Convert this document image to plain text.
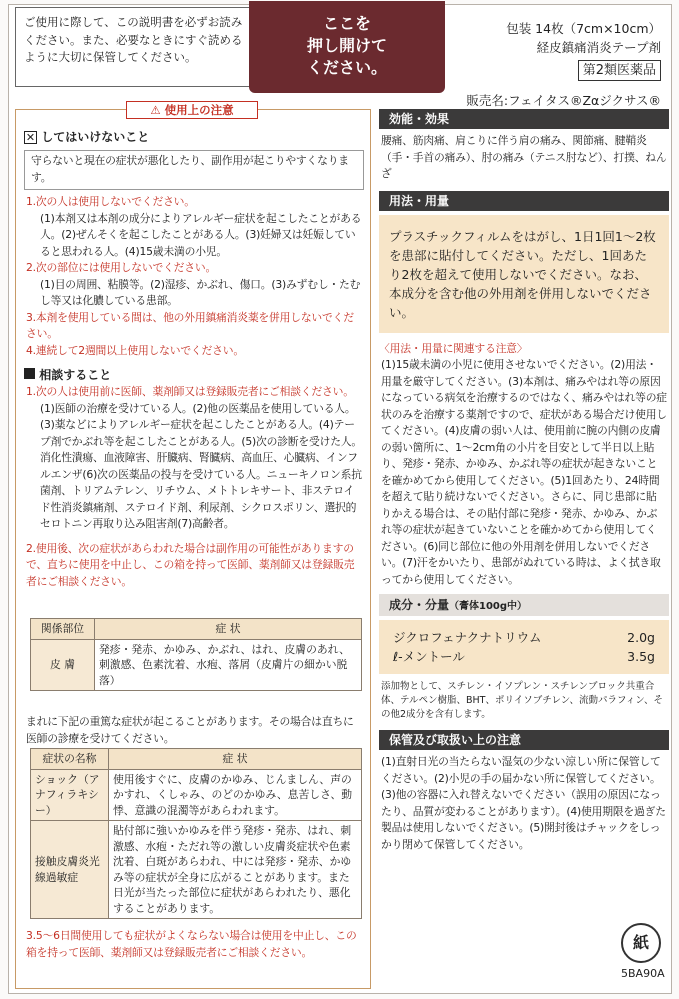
ご使用に際して、この説明書を必ずお読みください。また、必要なときにすぐ読めるように大切に保管してください。
ここを
押し開けて
ください。
包装 14枚（7cm×10cm）
経皮鎮痛消炎テープ剤
第2類医薬品
販売名:フェイタス®Zαジクサス®
⚠ 使用上の注意
✕ してはいけないこと
守らないと現在の症状が悪化したり、副作用が起こりやすくなります。
1.次の人は使用しないでください。
(1)本剤又は本剤の成分によりアレルギー症状を起こしたことがある人。(2)ぜんそくを起こしたことがある人。(3)妊婦又は妊娠していると思われる人。(4)15歳未満の小児。
2.次の部位には使用しないでください。
(1)目の周囲、粘膜等。(2)湿疹、かぶれ、傷口。(3)みずむし・たむし等又は化膿している患部。
3.本剤を使用している間は、他の外用鎮痛消炎薬を併用しないでください。
4.連続して2週間以上使用しないでください。
相談すること
1.次の人は使用前に医師、薬剤師又は登録販売者にご相談ください。
(1)医師の治療を受けている人。(2)他の医薬品を使用している人。(3)薬などによりアレルギー症状を起こしたことがある人。(4)テープ剤でかぶれ等を起こしたことがある人。(5)次の診断を受けた人。消化性潰瘍、血液障害、肝臓病、腎臓病、高血圧、心臓病、インフルエンザ(6)次の医薬品の投与を受けている人。ニューキノロン系抗菌剤、トリアムテレン、リチウム、メトトレキサート、非ステロイド性消炎鎮痛剤、ステロイド剤、利尿剤、シクロスポリン、選択的セロトニン再取り込み阻害剤(7)高齢者。
2.使用後、次の症状があらわれた場合は副作用の可能性がありますので、直ちに使用を中止し、この箱を持って医師、薬剤師又は登録販売者にご相談ください。
関係部位	症 状
皮 膚	発疹・発赤、かゆみ、かぶれ、はれ、皮膚のあれ、刺激感、色素沈着、水疱、落屑（皮膚片の細かい脱落）
まれに下記の重篤な症状が起こることがあります。その場合は直ちに医師の診療を受けてください。
症状の名称	症 状
ショック（アナフィラキシー）	使用後すぐに、皮膚のかゆみ、じんましん、声のかすれ、くしゃみ、のどのかゆみ、息苦しさ、動悸、意識の混濁等があらわれます。
接触皮膚炎光線過敏症	貼付部に強いかゆみを伴う発疹・発赤、はれ、刺激感、水疱・ただれ等の激しい皮膚炎症状や色素沈着、白斑があらわれ、中には発疹・発赤、かゆみ等の症状が全身に広がることがあります。また日光が当たった部位に症状があらわれたり、悪化することがあります。
3.5～6日間使用しても症状がよくならない場合は使用を中止し、この箱を持って医師、薬剤師又は登録販売者にご相談ください。
効能・効果
腰痛、筋肉痛、肩こりに伴う肩の痛み、関節痛、腱鞘炎（手・手首の痛み）、肘の痛み（テニス肘など）、打撲、ねんざ
用法・用量
プラスチックフィルムをはがし、1日1回1～2枚を患部に貼付してください。ただし、1回あたり2枚を超えて使用しないでください。なお、本成分を含む他の外用剤を併用しないでください。
〈用法・用量に関連する注意〉
(1)15歳未満の小児に使用させないでください。(2)用法・用量を厳守してください。(3)本剤は、痛みやはれ等の原因になっている病気を治療するのではなく、痛みやはれ等の症状のみを治療する薬剤ですので、症状がある場合だけ使用してください。(4)皮膚の弱い人は、使用前に腕の内側の皮膚の弱い箇所に、1～2cm角の小片を目安として半日以上貼り、発疹・発赤、かゆみ、かぶれ等の症状が起きないことを確かめてから使用してください。(5)1回あたり、24時間を超えて貼り続けないでください。さらに、同じ患部に貼りかえる場合は、その貼付部に発疹・発赤、かゆみ、かぶれ等の症状が起きていないことを確かめてから使用してください。(6)同じ部位に他の外用剤を併用しないでください。(7)汗をかいたり、患部がぬれている時は、よく拭き取ってから使用してください。
成分・分量（膏体100g中）
ジクロフェナクナトリウム	2.0g
ℓ-メントール	3.5g
添加物として、スチレン・イソプレン・スチレンブロック共重合体、テルペン樹脂、BHT、ポリイソブチレン、流動パラフィン、その他2成分を含有します。
保管及び取扱い上の注意
(1)直射日光の当たらない湿気の少ない涼しい所に保管してください。(2)小児の手の届かない所に保管してください。(3)他の容器に入れ替えないでください（誤用の原因になったり、品質が変わることがあります）。(4)使用期限を過ぎた製品は使用しないでください。(5)開封後はチャックをしっかり閉めて保管してください。
紙
5BA90A
